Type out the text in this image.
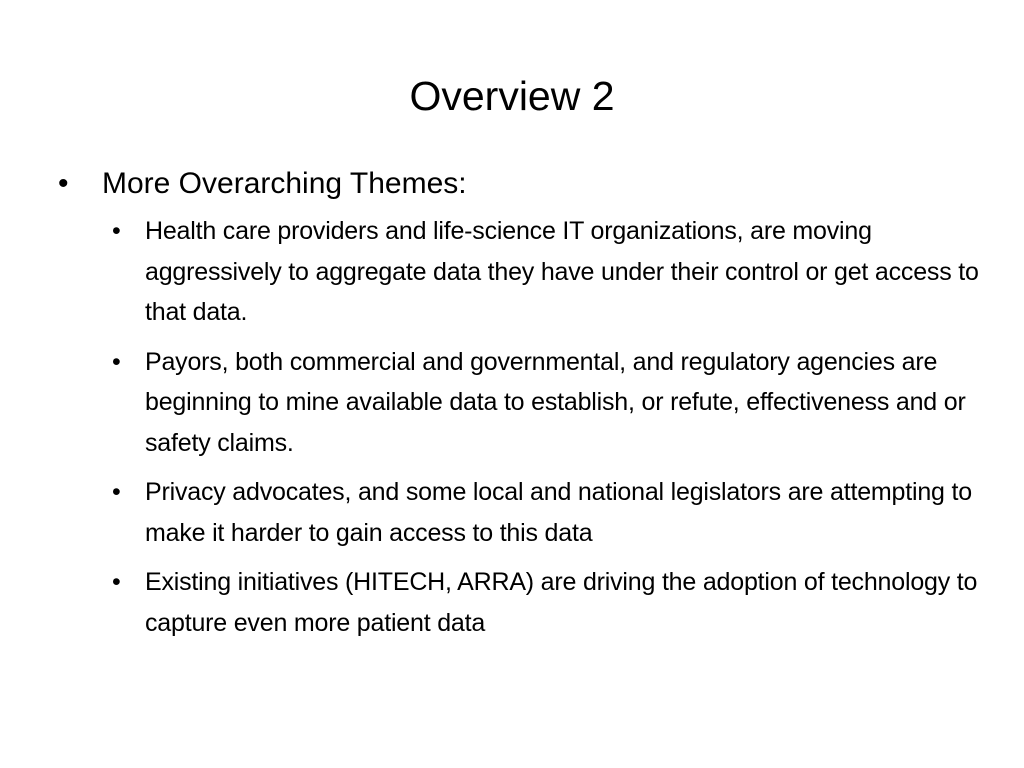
Overview 2
• More Overarching Themes:
• Health care providers and life-science IT organizations, are moving aggressively to aggregate data they have under their control or get access to that data.
• Payors, both commercial and governmental, and regulatory agencies are beginning to mine available data to establish, or refute, effectiveness and or safety claims.
• Privacy advocates, and some local and national legislators are attempting to make it harder to gain access to this data
• Existing initiatives (HITECH, ARRA) are driving the adoption of technology to capture even more patient data
